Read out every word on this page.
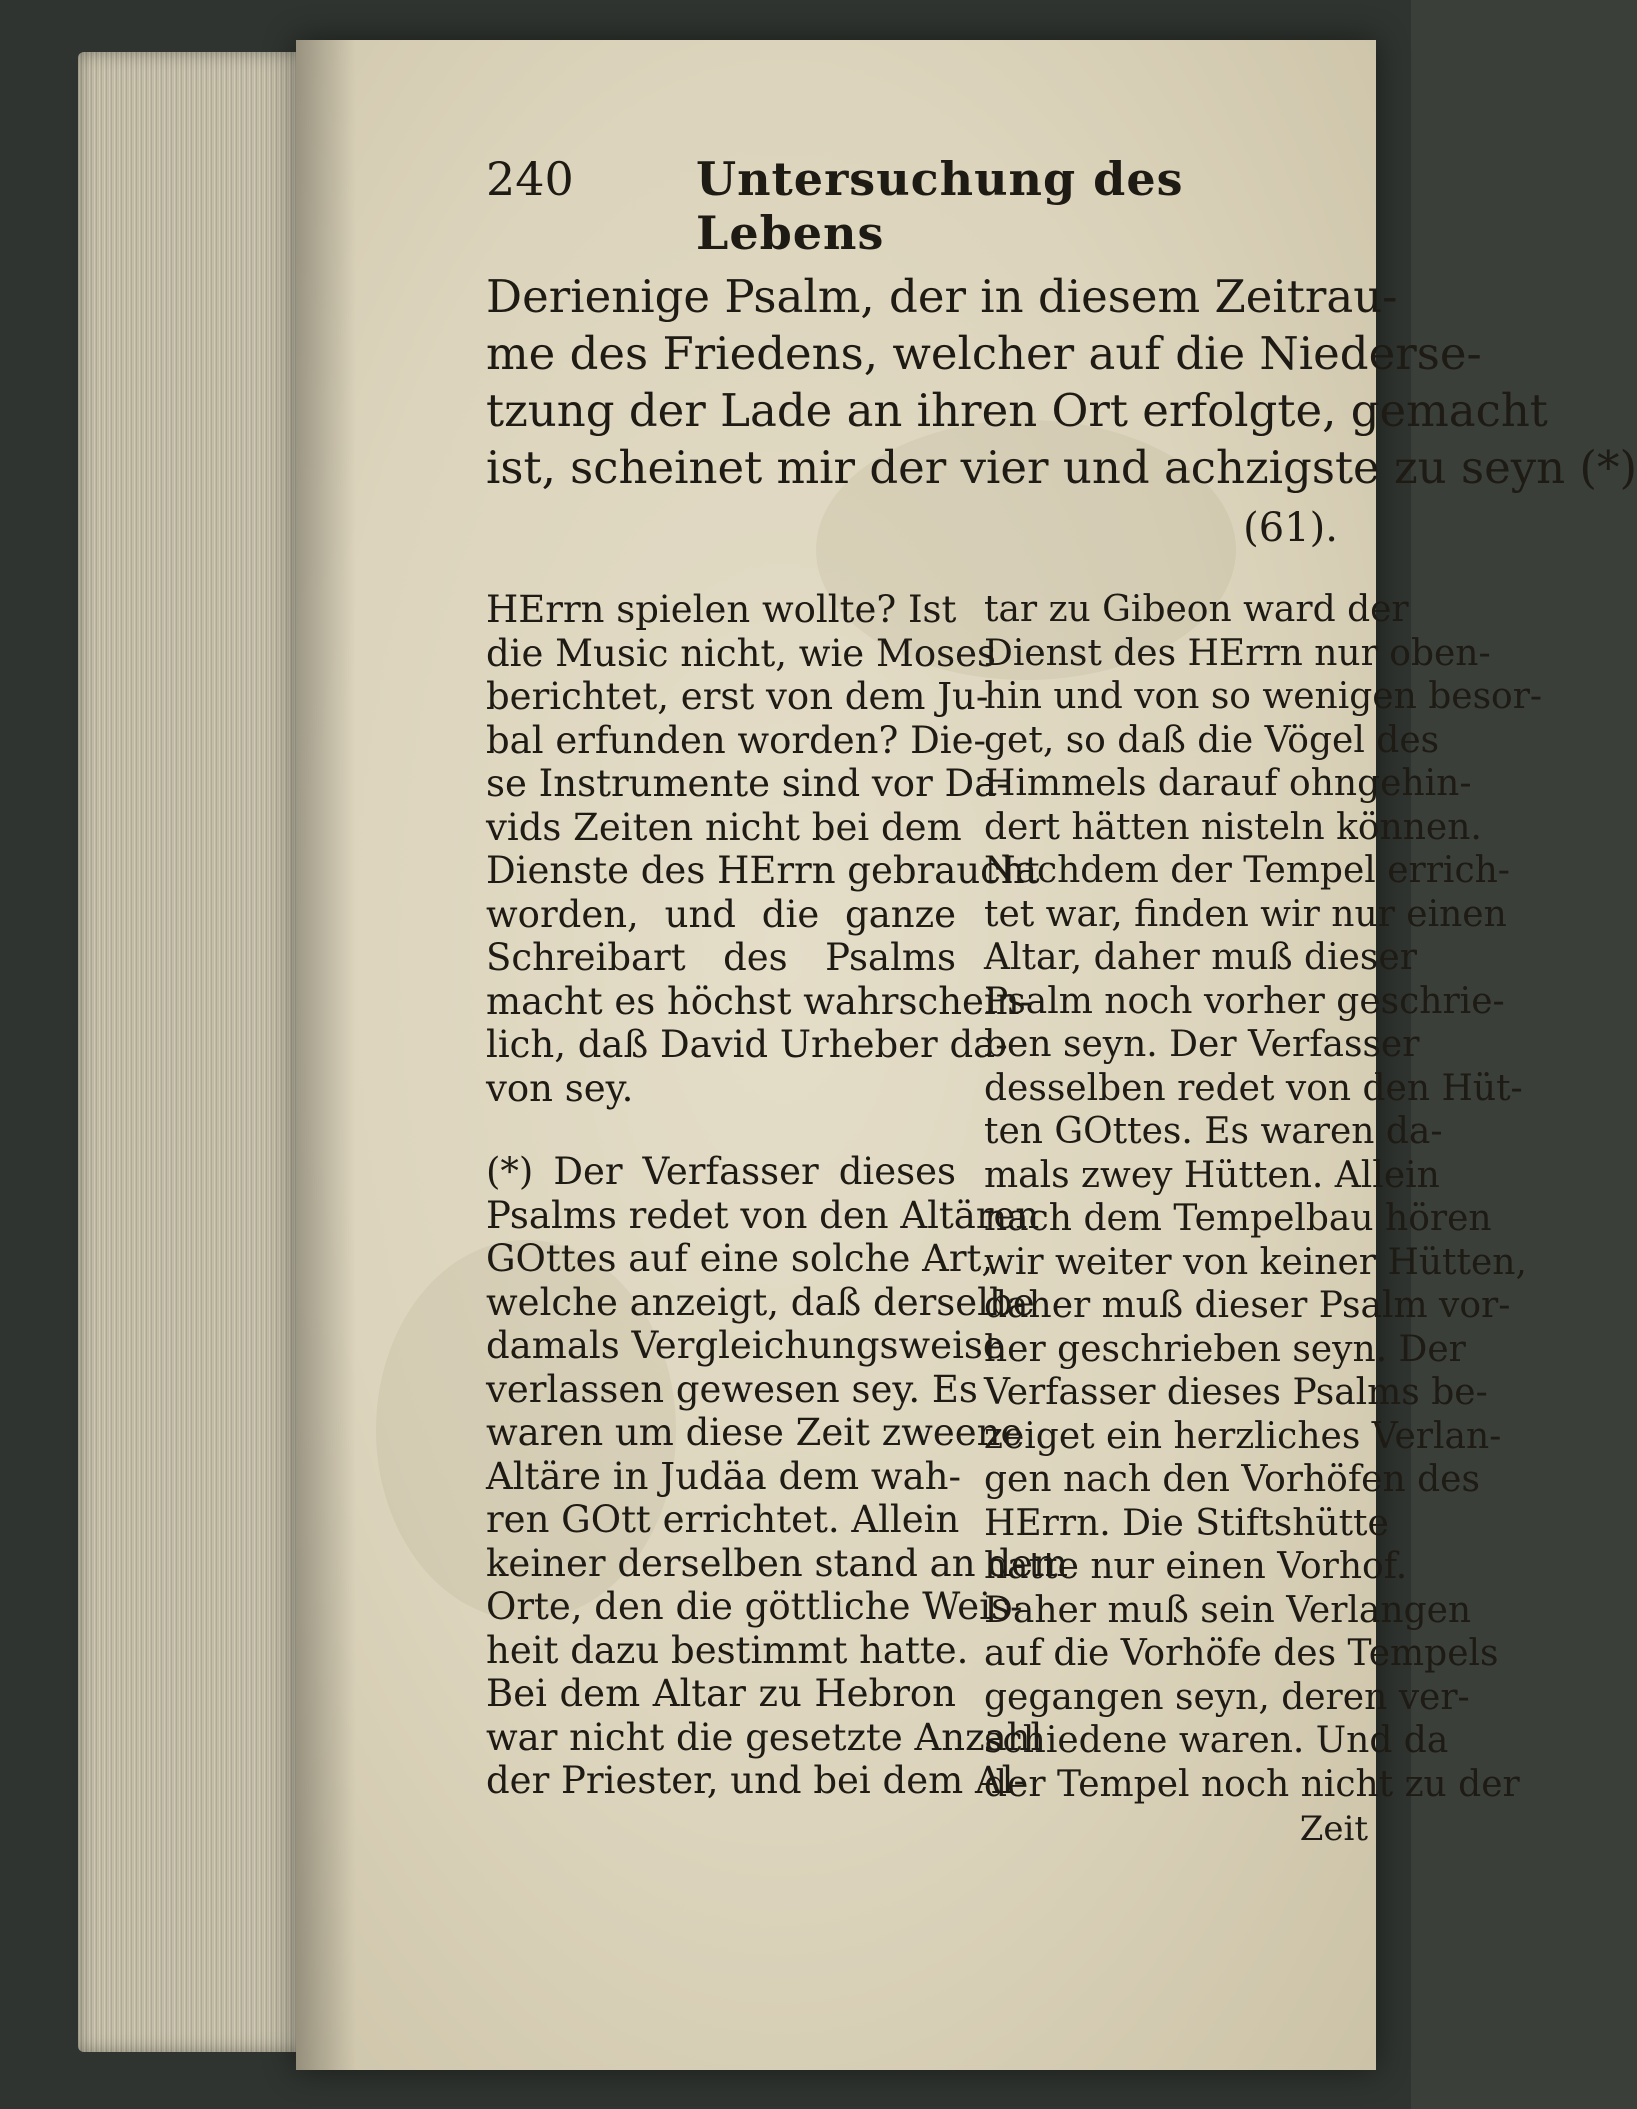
240	Untersuchung des Lebens
Derienige Psalm, der in diesem Zeitrau-
me des Friedens, welcher auf die Niederse-
tzung der Lade an ihren Ort erfolgte, gemacht
ist, scheinet mir der vier und achzigste zu seyn (*)
(61).
HErrn spielen wollte? Ist
die Music nicht, wie Moses
berichtet, erst von dem Ju-
bal erfunden worden? Die-
se Instrumente sind vor Da-
vids Zeiten nicht bei dem
Dienste des HErrn gebraucht
worden, und die ganze
Schreibart des Psalms
macht es höchst wahrschein-
lich, daß David Urheber da-
von sey.
(*) Der Verfasser dieses
Psalms redet von den Altären
GOttes auf eine solche Art,
welche anzeigt, daß derselbe
damals Vergleichungsweise
verlassen gewesen sey. Es
waren um diese Zeit zweene
Altäre in Judäa dem wah-
ren GOtt errichtet. Allein
keiner derselben stand an dem
Orte, den die göttliche Weis-
heit dazu bestimmt hatte.
Bei dem Altar zu Hebron
war nicht die gesetzte Anzahl
der Priester, und bei dem Al-
tar zu Gibeon ward der
Dienst des HErrn nur oben-
hin und von so wenigen besor-
get, so daß die Vögel des
Himmels darauf ohngehin-
dert hätten nisteln können.
Nachdem der Tempel errich-
tet war, finden wir nur einen
Altar, daher muß dieser
Psalm noch vorher geschrie-
ben seyn. Der Verfasser
desselben redet von den Hüt-
ten GOttes. Es waren da-
mals zwey Hütten. Allein
nach dem Tempelbau hören
wir weiter von keiner Hütten,
daher muß dieser Psalm vor-
her geschrieben seyn. Der
Verfasser dieses Psalms be-
zeiget ein herzliches Verlan-
gen nach den Vorhöfen des
HErrn. Die Stiftshütte
hatte nur einen Vorhof.
Daher muß sein Verlangen
auf die Vorhöfe des Tempels
gegangen seyn, deren ver-
schiedene waren. Und da
der Tempel noch nicht zu der
Zeit
